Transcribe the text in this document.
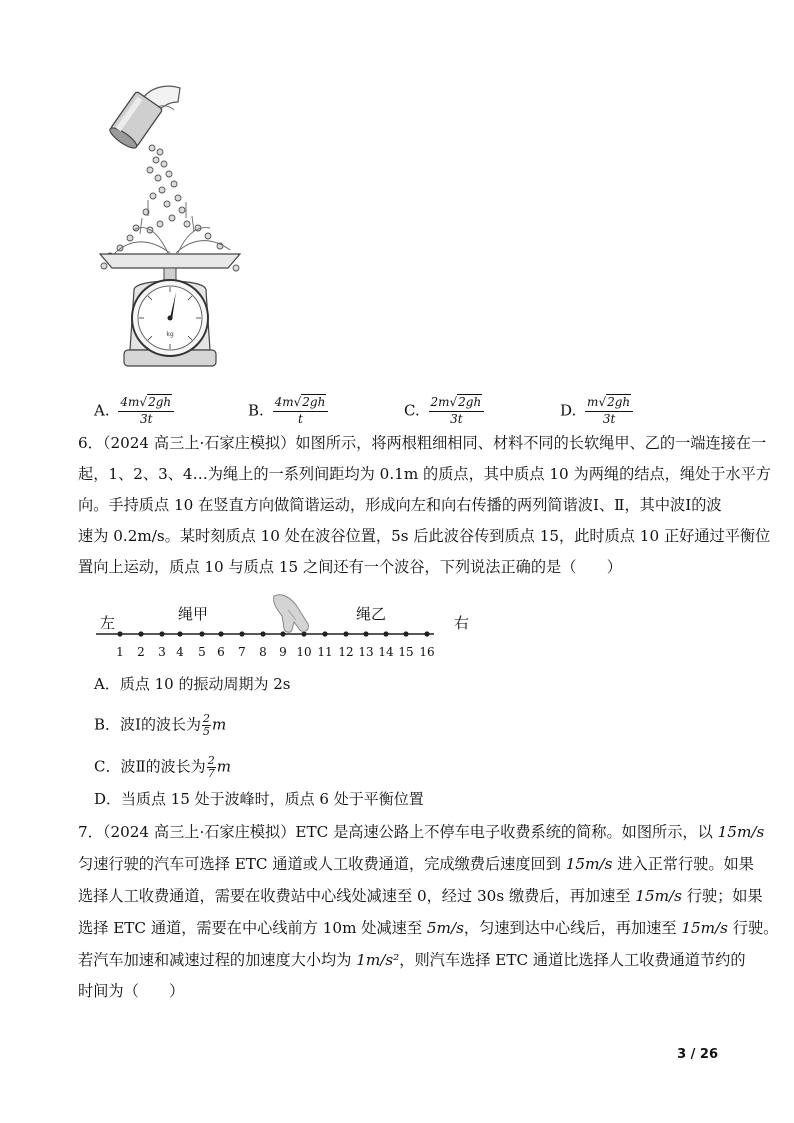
kg
A. $\frac{4m√2gh}{3t}$	B. $\frac{4m√2gh}{t}$	C. $\frac{2m√2gh}{3t}$	D. $\frac{m√2gh}{3t}$
6．（2024 高三上·石家庄模拟）如图所示，将两根粗细相同、材料不同的长软绳甲、乙的一端连接在一
起，1、2、3、4…为绳上的一系列间距均为 0.1m 的质点，其中质点 10 为两绳的结点，绳处于水平方
向。手持质点 10 在竖直方向做简谐运动，形成向左和向右传播的两列简谐波Ⅰ、Ⅱ，其中波Ⅰ的波
速为 0.2m/s。某时刻质点 10 处在波谷位置，5s 后此波谷传到质点 15，此时质点 10 正好通过平衡位
置向上运动，质点 10 与质点 15 之间还有一个波谷，下列说法正确的是（　　）
左	绳甲	绳乙	右
1 2 3 4 5 6 7 8 9 10 11 12 13 14 15 16
A．质点 10 的振动周期为 2s
B．波Ⅰ的波长为 $\frac{2}{5}$ m
C．波Ⅱ的波长为 $\frac{2}{7}$ m
D．当质点 15 处于波峰时，质点 6 处于平衡位置
7．（2024 高三上·石家庄模拟）ETC 是高速公路上不停车电子收费系统的简称。如图所示，以 15m/s
匀速行驶的汽车可选择 ETC 通道或人工收费通道，完成缴费后速度回到 15m/s 进入正常行驶。如果
选择人工收费通道，需要在收费站中心线处减速至 0，经过 30s 缴费后，再加速至 15m/s 行驶；如果
选择 ETC 通道，需要在中心线前方 10m 处减速至 5m/s，匀速到达中心线后，再加速至 15m/s 行驶。
若汽车加速和减速过程的加速度大小均为 1m/s²，则汽车选择 ETC 通道比选择人工收费通道节约的
时间为（　　）
3 / 26
